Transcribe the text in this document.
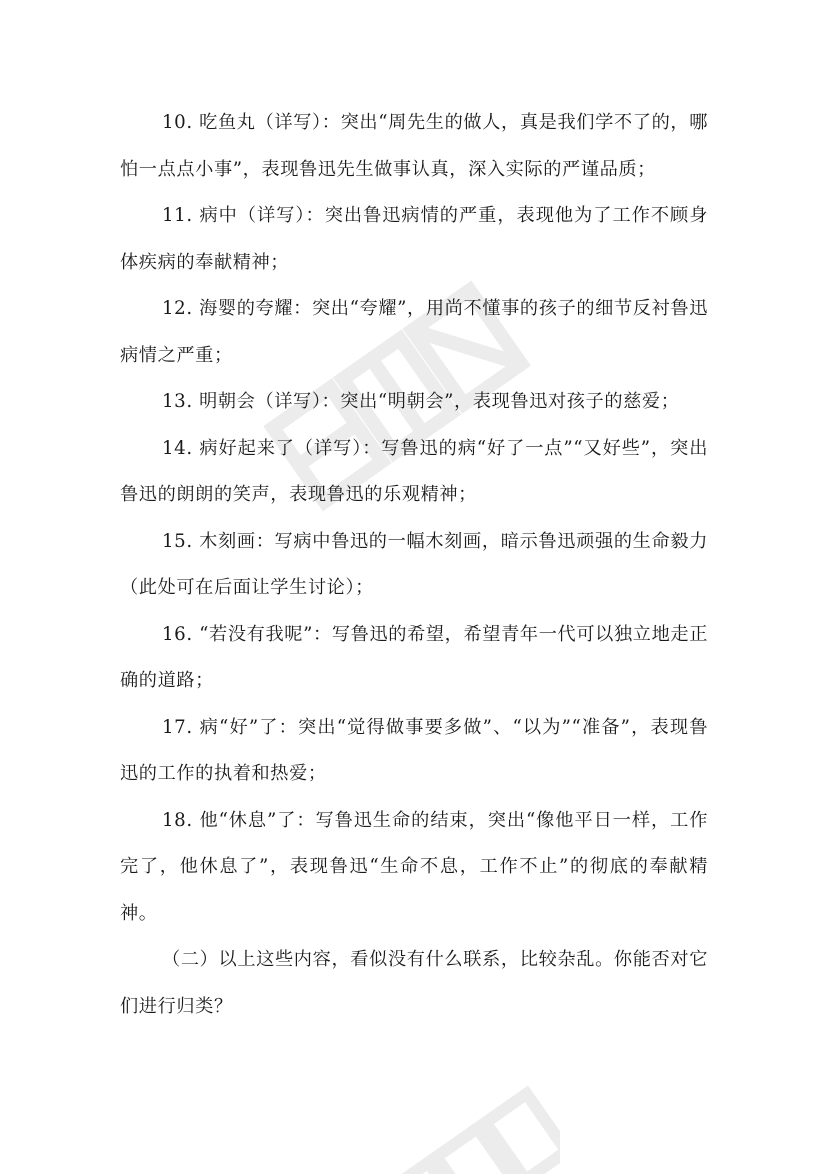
10. 吃鱼丸（详写）：突出“周先生的做人，真是我们学不了的，哪怕一点点小事”，表现鲁迅先生做事认真，深入实际的严谨品质；

11. 病中（详写）：突出鲁迅病情的严重，表现他为了工作不顾身体疾病的奉献精神；

12. 海婴的夸耀：突出“夸耀”，用尚不懂事的孩子的细节反衬鲁迅病情之严重；

13. 明朝会（详写）：突出“明朝会”，表现鲁迅对孩子的慈爱；

14. 病好起来了（详写）：写鲁迅的病“好了一点”“又好些”，突出鲁迅的朗朗的笑声，表现鲁迅的乐观精神；

15. 木刻画：写病中鲁迅的一幅木刻画，暗示鲁迅顽强的生命毅力（此处可在后面让学生讨论）；

16. “若没有我呢”：写鲁迅的希望，希望青年一代可以独立地走正确的道路；

17. 病“好”了：突出“觉得做事要多做”、“以为”“准备”，表现鲁迅的工作的执着和热爱；

18. 他“休息”了：写鲁迅生命的结束，突出“像他平日一样，工作完了，他休息了”，表现鲁迅“生命不息，工作不止”的彻底的奉献精神。

（二）以上这些内容，看似没有什么联系，比较杂乱。你能否对它们进行归类？
